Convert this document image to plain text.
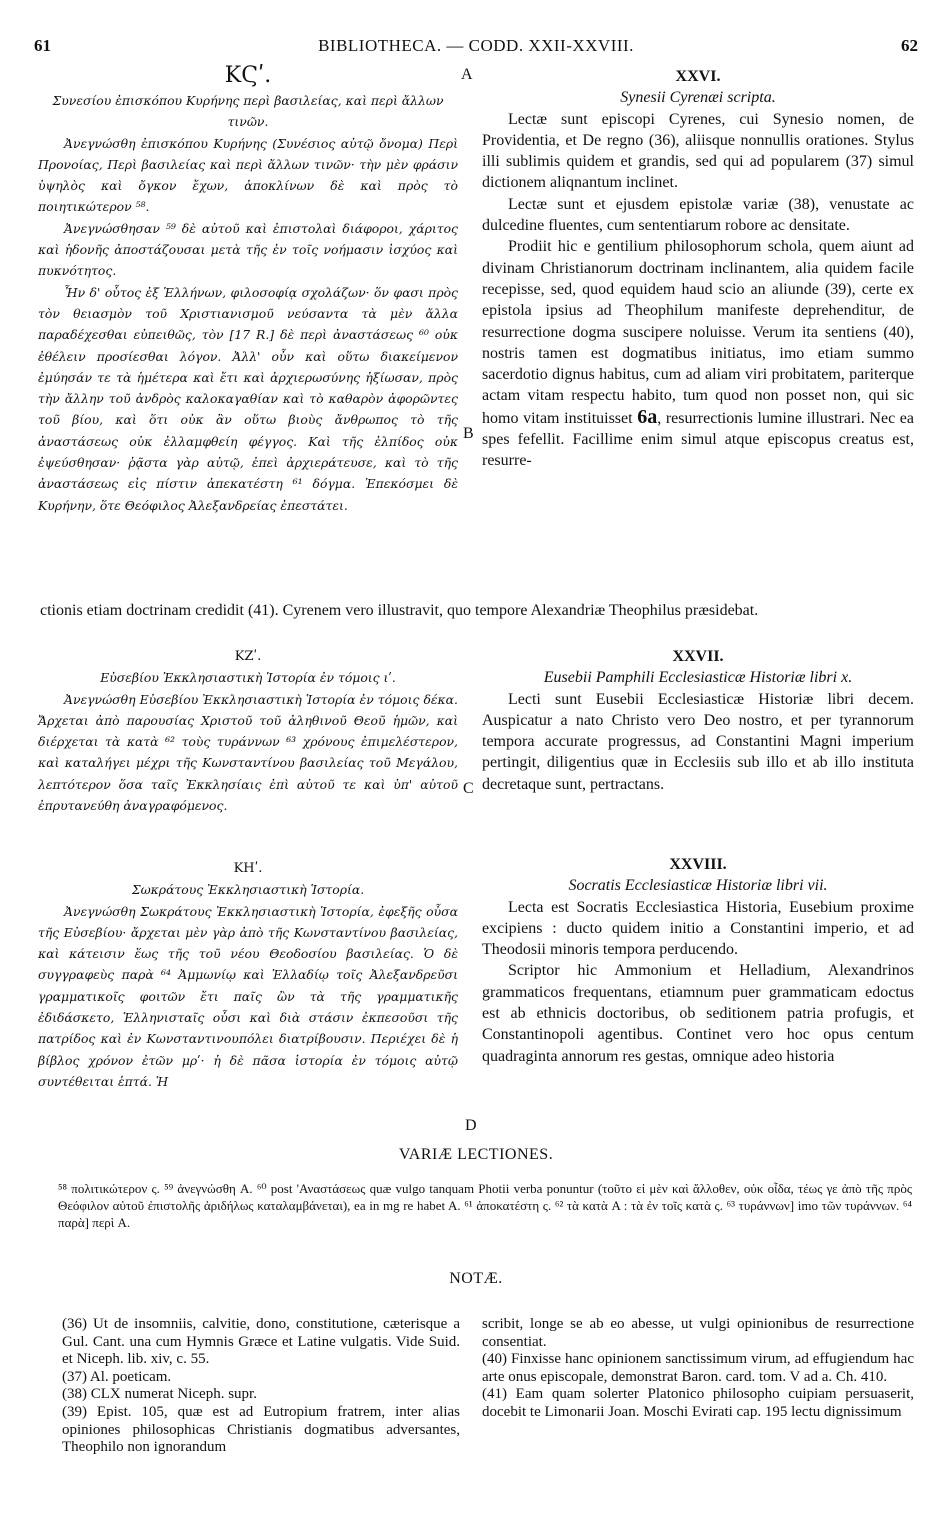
61	BIBLIOTHECA. — CODD. XXII-XXVIII.	62
A
B
C
D

ΚϚʹ.

Συνεσίου ἐπισκόπου Κυρήνης περὶ βασιλείας, καὶ περὶ ἄλλων τινῶν.

Ἀνεγνώσθη ἐπισκόπου Κυρήνης (Συνέσιος αὐτῷ ὄνομα) Περὶ Προνοίας, Περὶ βασιλείας καὶ περὶ ἄλλων τινῶν· τὴν μὲν φράσιν ὑψηλὸς καὶ ὄγκον ἔχων, ἀποκλίνων δὲ καὶ πρὸς τὸ ποιητικώτερον ⁵⁸.

Ἀνεγνώσθησαν ⁵⁹ δὲ αὐτοῦ καὶ ἐπιστολαὶ διάφοροι, χάριτος καὶ ἡδονῆς ἀποστάζουσαι μετὰ τῆς ἐν τοῖς νοήμασιν ἰσχύος καὶ πυκνότητος.

Ἦν δ' οὗτος ἐξ Ἑλλήνων, φιλοσοφίᾳ σχολάζων· ὅν φασι πρὸς τὸν θειασμὸν τοῦ Χριστιανισμοῦ νεύσαντα τὰ μὲν ἄλλα παραδέχεσθαι εὐπειθῶς, τὸν [17 R.] δὲ περὶ ἀναστάσεως ⁶⁰ οὐκ ἐθέλειν προσίεσθαι λόγον. Ἀλλ' οὖν καὶ οὕτω διακείμενον ἐμύησάν τε τὰ ἡμέτερα καὶ ἔτι καὶ ἀρχιερωσύνης ἠξίωσαν, πρὸς τὴν ἄλλην τοῦ ἀνδρὸς καλοκαγαθίαν καὶ τὸ καθαρὸν ἀφορῶντες τοῦ βίου, καὶ ὅτι οὐκ ἂν οὕτω βιοὺς ἄνθρωπος τὸ τῆς ἀναστάσεως οὐκ ἐλλαμφθείη φέγγος. Καὶ τῆς ἐλπίδος οὐκ ἐψεύσθησαν· ῥᾷστα γὰρ αὐτῷ, ἐπεὶ ἀρχιεράτευσε, καὶ τὸ τῆς ἀναστάσεως εἰς πίστιν ἀπεκατέστη ⁶¹ δόγμα. Ἐπεκόσμει δὲ Κυρήνην, ὅτε Θεόφιλος Ἀλεξανδρείας ἐπεστάτει.

XXVI.

Synesii Cyrenæi scripta.

Lectæ sunt episcopi Cyrenes, cui Synesio nomen, de Providentia, et De regno (36), aliisque nonnullis orationes. Stylus illi sublimis quidem et grandis, sed qui ad popularem (37) simul dictionem aliqnantum inclinet.

Lectæ sunt et ejusdem epistolæ variæ (38), venustate ac dulcedine fluentes, cum sententiarum robore ac densitate.

Prodiit hic e gentilium philosophorum schola, quem aiunt ad divinam Christianorum doctrinam inclinantem, alia quidem facile recepisse, sed, quod equidem haud scio an aliunde (39), certe ex epistola ipsius ad Theophilum manifeste deprehenditur, de resurrectione dogma suscipere noluisse. Verum ita sentiens (40), nostris tamen est dogmatibus initiatus, imo etiam summo sacerdotio dignus habitus, cum ad aliam viri probitatem, pariterque actam vitam respectu habito, tum quod non posset non, qui sic homo vitam instituisset 6a, resurrectionis lumine illustrari. Nec ea spes fefellit. Facillime enim simul atque episcopus creatus est, resurre-

ctionis etiam doctrinam credidit (41). Cyrenem vero illustravit, quo tempore Alexandriæ Theophilus præsidebat.

ΚΖʹ.

Εὐσεβίου Ἐκκλησιαστικὴ Ἱστορία ἐν τόμοις ιʹ.

Ἀνεγνώσθη Εὐσεβίου Ἐκκλησιαστικὴ Ἱστορία ἐν τόμοις δέκα. Ἄρχεται ἀπὸ παρουσίας Χριστοῦ τοῦ ἀληθινοῦ Θεοῦ ἡμῶν, καὶ διέρχεται τὰ κατὰ ⁶² τοὺς τυράννων ⁶³ χρόνους ἐπιμελέστερον, καὶ καταλήγει μέχρι τῆς Κωνσταντίνου βασιλείας τοῦ Μεγάλου, λεπτότερον ὅσα ταῖς Ἐκκλησίαις ἐπὶ αὐτοῦ τε καὶ ὑπ' αὐτοῦ ἐπρυτανεύθη ἀναγραφόμενος.

XXVII.

Eusebii Pamphili Ecclesiasticæ Historiæ libri x.

Lecti sunt Eusebii Ecclesiasticæ Historiæ libri decem. Auspicatur a nato Christo vero Deo nostro, et per tyrannorum tempora accurate progressus, ad Constantini Magni imperium pertingit, diligentius quæ in Ecclesiis sub illo et ab illo instituta decretaque sunt, pertractans.

ΚΗʹ.

Σωκράτους Ἐκκλησιαστικὴ Ἱστορία.

Ἀνεγνώσθη Σωκράτους Ἐκκλησιαστικὴ Ἱστορία, ἐφεξῆς οὖσα τῆς Εὐσεβίου· ἄρχεται μὲν γὰρ ἀπὸ τῆς Κωνσταντίνου βασιλείας, καὶ κάτεισιν ἕως τῆς τοῦ νέου Θεοδοσίου βασιλείας. Ὁ δὲ συγγραφεὺς παρὰ ⁶⁴ Ἀμμωνίῳ καὶ Ἑλλαδίῳ τοῖς Ἀλεξανδρεῦσι γραμματικοῖς φοιτῶν ἔτι παῖς ὢν τὰ τῆς γραμματικῆς ἐδιδάσκετο, Ἑλληνισταῖς οὖσι καὶ διὰ στάσιν ἐκπεσοῦσι τῆς πατρίδος καὶ ἐν Κωνσταντινουπόλει διατρίβουσιν. Περιέχει δὲ ἡ βίβλος χρόνον ἐτῶν μρʹ· ἡ δὲ πᾶσα ἱστορία ἐν τόμοις αὐτῷ συντέθειται ἑπτά. Ἡ

XXVIII.

Socratis Ecclesiasticæ Historiæ libri vii.

Lecta est Socratis Ecclesiastica Historia, Eusebium proxime excipiens : ducto quidem initio a Constantini imperio, et ad Theodosii minoris tempora perducendo.

Scriptor hic Ammonium et Helladium, Alexandrinos grammaticos frequentans, etiamnum puer grammaticam edoctus est ab ethnicis doctoribus, ob seditionem patria profugis, et Constantinopoli agentibus. Continet vero hoc opus centum quadraginta annorum res gestas, omnique adeo historia

VARIÆ LECTIONES.
⁵⁸ πολιτικώτερον ς. ⁵⁹ ἀνεγνώσθη A. ⁶⁰ post 'Αναστάσεως quæ vulgo tanquam Photii verba ponuntur (τοῦτο εἰ μὲν καὶ ἄλλοθεν, οὐκ οἶδα, τέως γε ἀπὸ τῆς πρὸς Θεόφιλον αὐτοῦ ἐπιστολῆς ἀριδήλως καταλαμβάνεται), ea in mg re habet A. ⁶¹ ἀποκατέστη ς. ⁶² τὰ κατὰ A : τὰ ἐν τοῖς κατὰ ς. ⁶³ τυράννων] imo τῶν τυράννων. ⁶⁴ παρὰ] περὶ A.
NOTÆ.

(36) Ut de insomniis, calvitie, dono, constitutione, cæterisque a Gul. Cant. una cum Hymnis Græce et Latine vulgatis. Vide Suid. et Niceph. lib. xiv, c. 55.

(37) Al. poeticam.

(38) CLX numerat Niceph. supr.

(39) Epist. 105, quæ est ad Eutropium fratrem, inter alias opiniones philosophicas Christianis dogmatibus adversantes, Theophilo non ignorandum

scribit, longe se ab eo abesse, ut vulgi opinionibus de resurrectione consentiat.

(40) Finxisse hanc opinionem sanctissimum virum, ad effugiendum hac arte onus episcopale, demonstrat Baron. card. tom. V ad a. Ch. 410.

(41) Eam quam solerter Platonico philosopho cuipiam persuaserit, docebit te Limonarii Joan. Moschi Evirati cap. 195 lectu dignissimum
